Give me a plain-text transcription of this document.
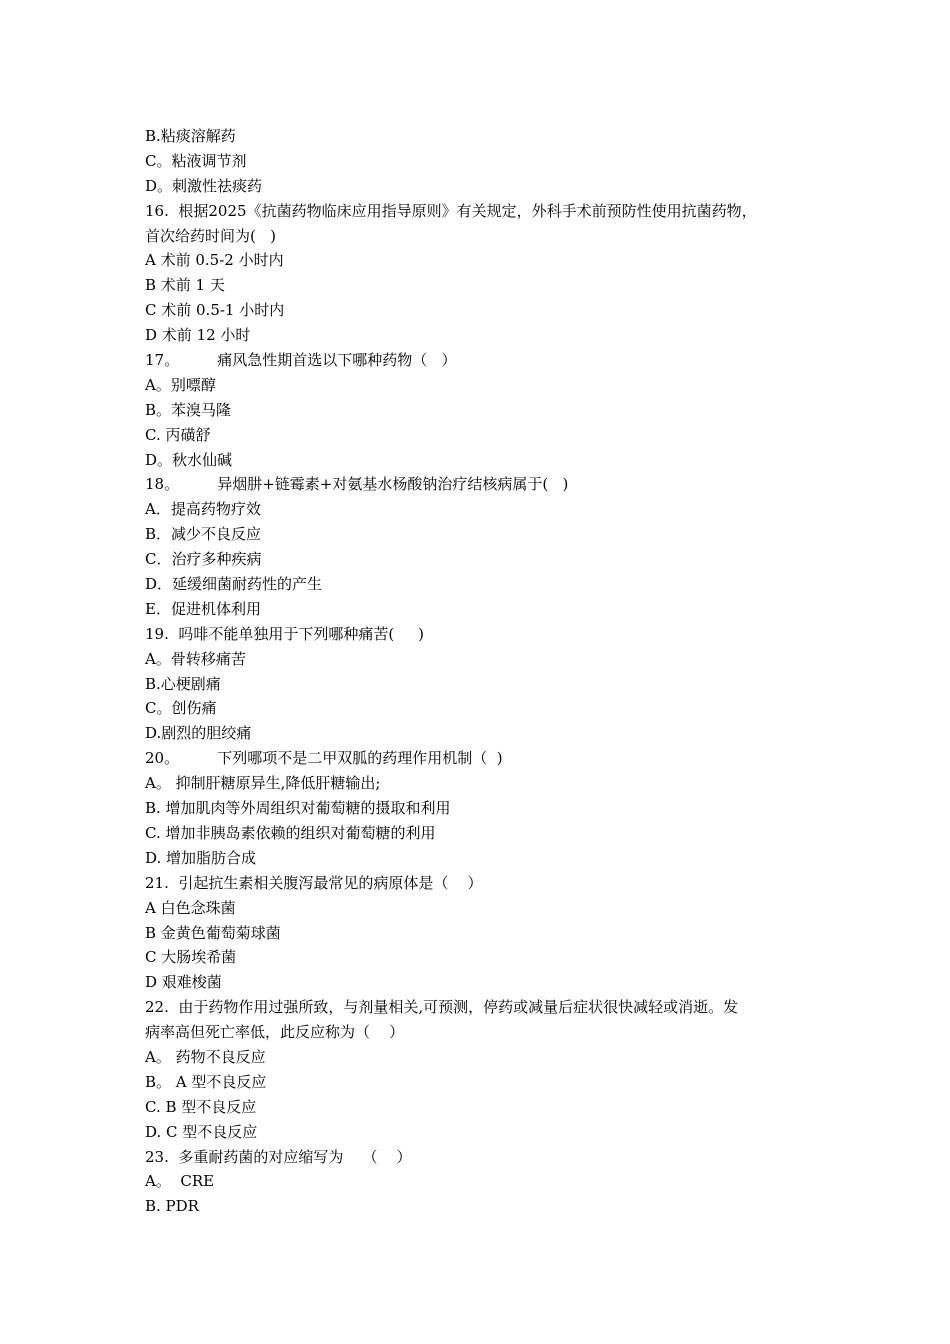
B.粘痰溶解药
C。粘液调节剂
D。刺激性祛痰药
16.  根据2025《抗菌药物临床应用指导原则》有关规定，外科手术前预防性使用抗菌药物，
首次给药时间为(   )
A 术前 0.5-2 小时内
B 术前 1 天
C 术前 0.5-1 小时内
D 术前 12 小时
17。        痛风急性期首选以下哪种药物（   ）
A。别嘌醇
B。苯溴马隆
C. 丙磺舒
D。秋水仙碱
18。        异烟肼+链霉素+对氨基水杨酸钠治疗结核病属于(   )
A．提高药物疗效
B．减少不良反应
C．治疗多种疾病
D．延缓细菌耐药性的产生
E．促进机体利用
19.  吗啡不能单独用于下列哪种痛苦(     )
A。骨转移痛苦
B.心梗剧痛
C。创伤痛
D.剧烈的胆绞痛
20。        下列哪项不是二甲双胍的药理作用机制（  )
A。 抑制肝糖原异生,降低肝糖输出;
B. 增加肌肉等外周组织对葡萄糖的摄取和利用
C. 增加非胰岛素依赖的组织对葡萄糖的利用
D. 增加脂肪合成
21.  引起抗生素相关腹泻最常见的病原体是（    ）
A 白色念珠菌
B 金黄色葡萄菊球菌
C 大肠埃希菌
D 艰难梭菌
22.  由于药物作用过强所致，与剂量相关,可预测，停药或减量后症状很快减轻或消逝。发
病率高但死亡率低，此反应称为（    ）
A。 药物不良反应
B。 A 型不良反应
C. B 型不良反应
D. C 型不良反应
23.  多重耐药菌的对应缩写为    （    ）
A。  CRE
B. PDR
